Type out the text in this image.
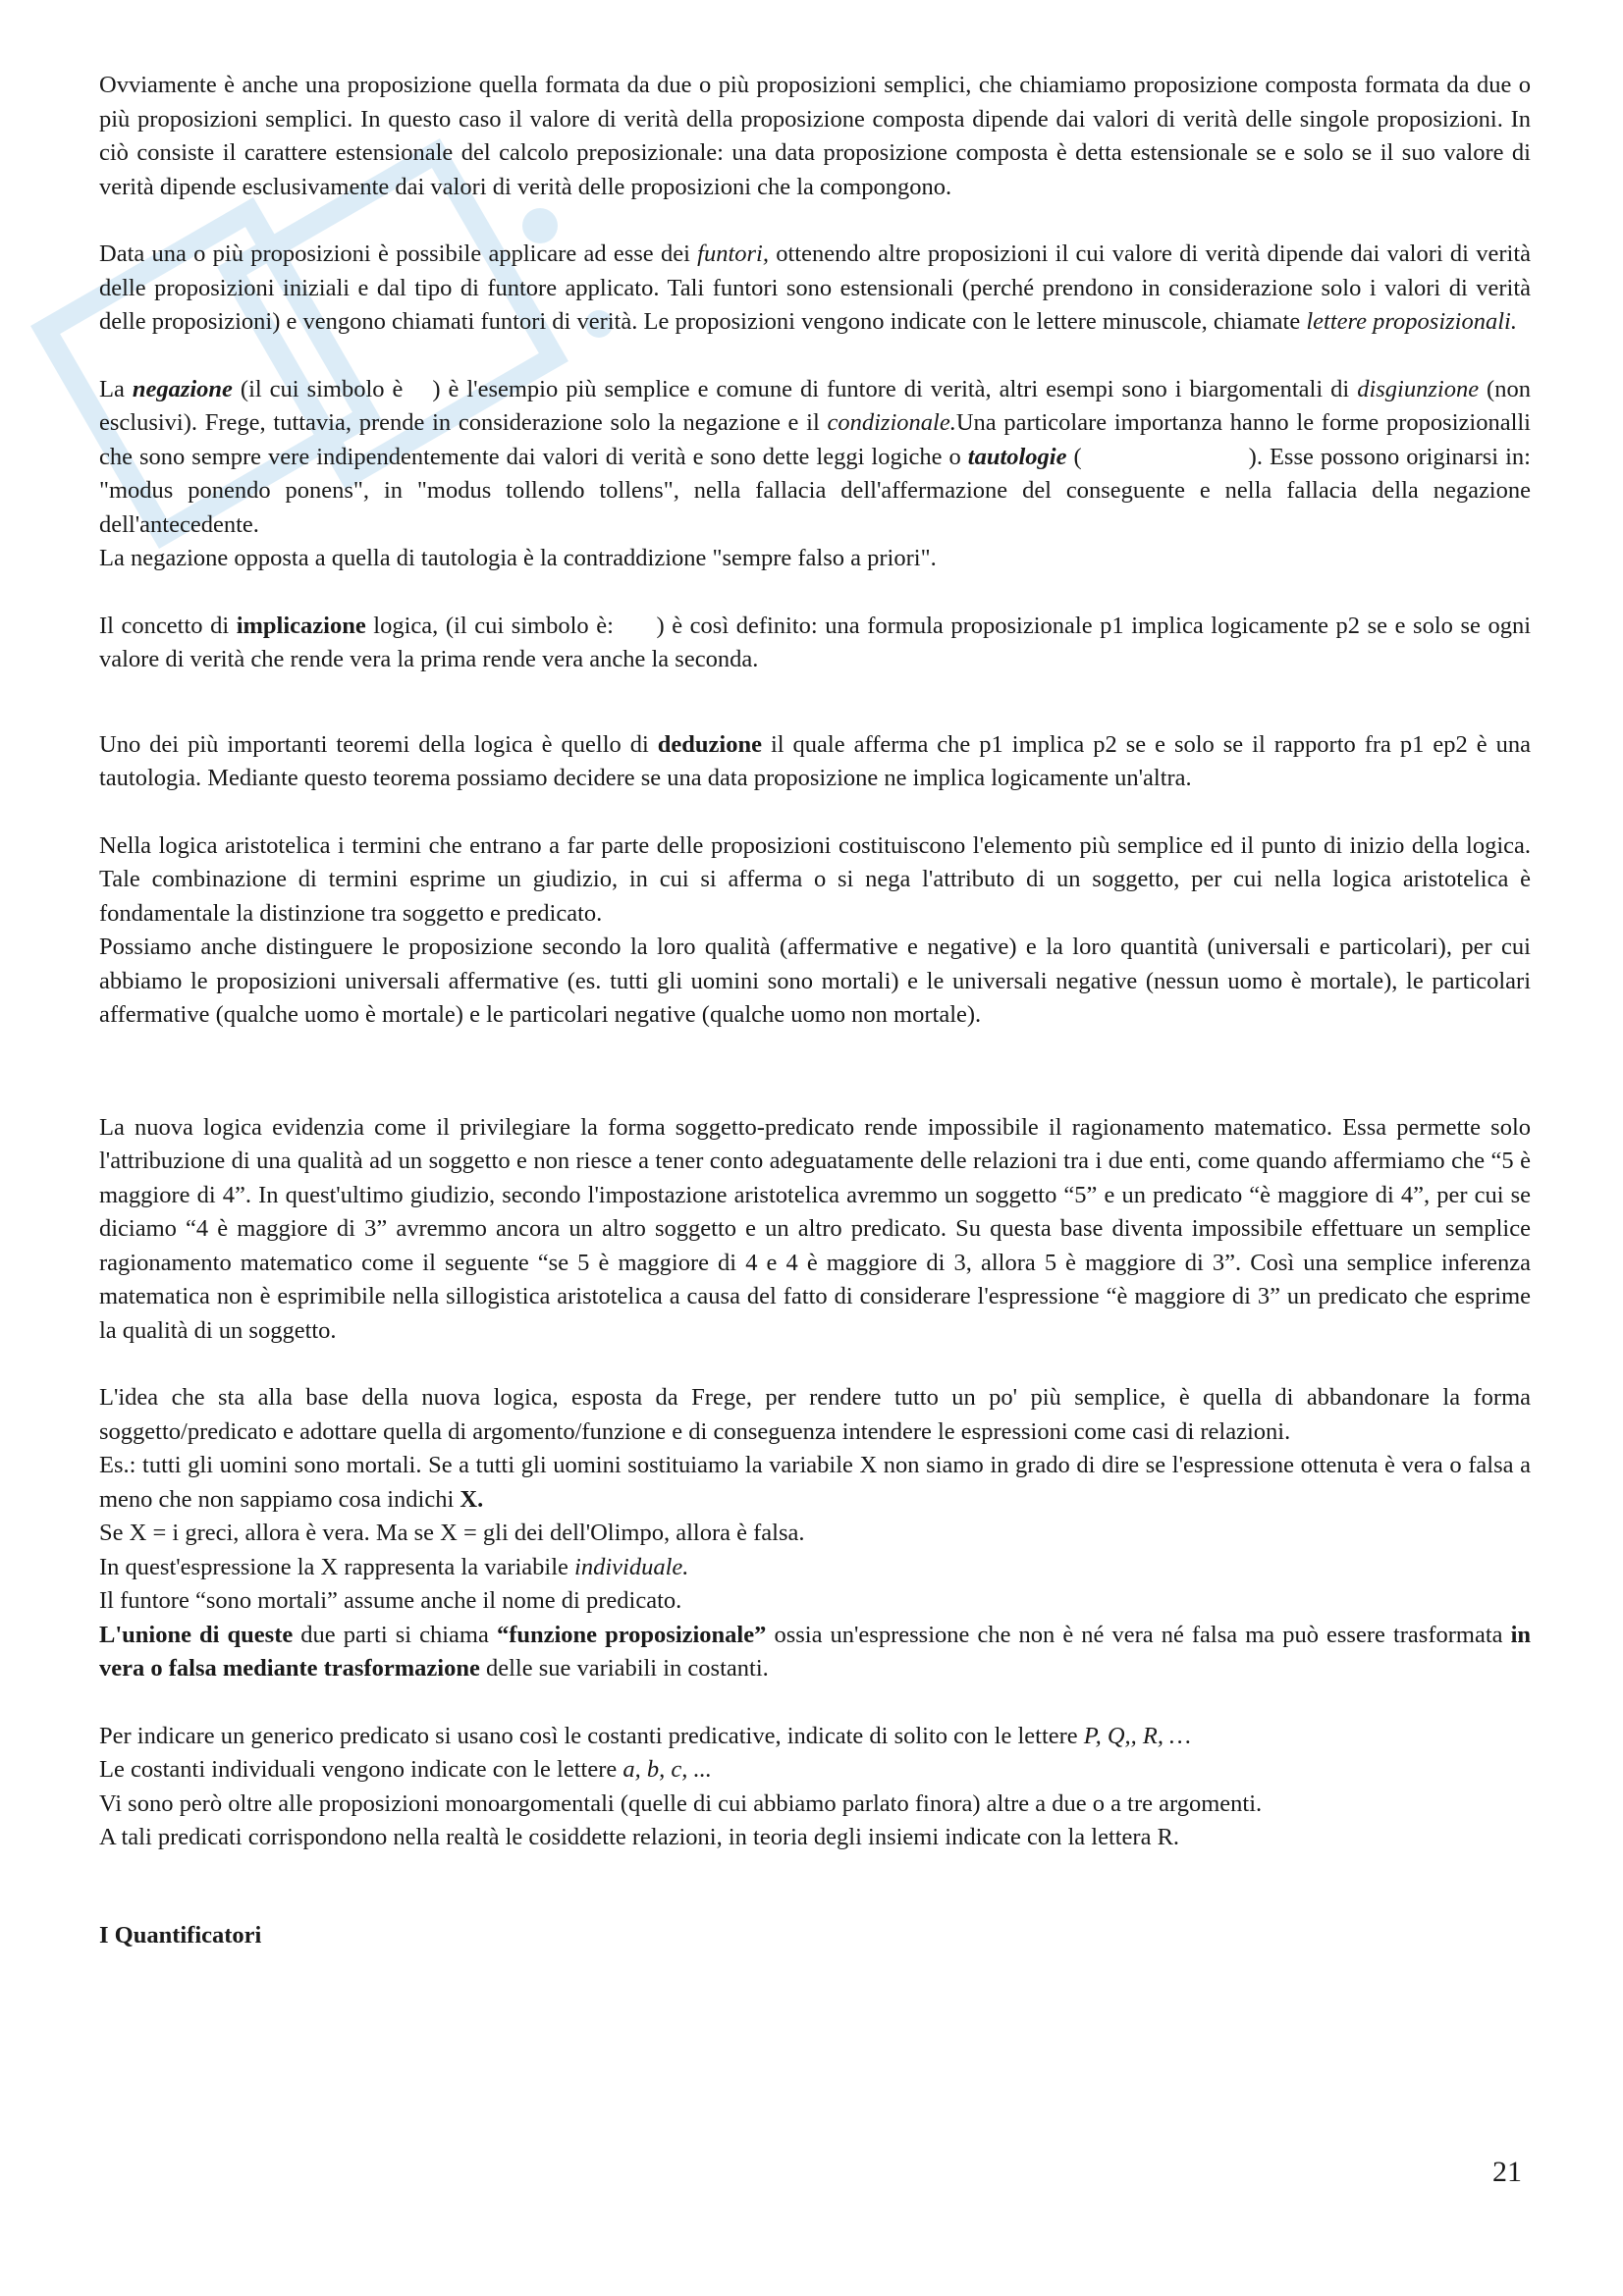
Ovviamente è anche una proposizione quella formata da due o più proposizioni semplici, che chiamiamo proposizione composta formata da due o più proposizioni semplici. In questo caso il valore di verità della proposizione composta dipende dai valori di verità delle singole proposizioni. In ciò consiste il carattere estensionale del calcolo preposizionale: una data proposizione composta è detta estensionale se e solo se il suo valore di verità dipende esclusivamente dai valori di verità delle proposizioni che la compongono.

Data una o più proposizioni è possibile applicare ad esse dei funtori, ottenendo altre proposizioni il cui valore di verità dipende dai valori di verità delle proposizioni iniziali e dal tipo di funtore applicato. Tali funtori sono estensionali (perché prendono in considerazione solo i valori di verità delle proposizioni) e vengono chiamati funtori di verità. Le proposizioni vengono indicate con le lettere minuscole, chiamate lettere proposizionali.

La negazione (il cui simbolo è ) è l'esempio più semplice e comune di funtore di verità, altri esempi sono i biargomentali di disgiunzione (non esclusivi). Frege, tuttavia, prende in considerazione solo la negazione e il condizionale.Una particolare importanza hanno le forme proposizionalli che sono sempre vere indipendentemente dai valori di verità e sono dette leggi logiche o tautologie (	). Esse possono originarsi in: "modus ponendo ponens", in "modus tollendo tollens", nella fallacia dell'affermazione del conseguente e nella fallacia della negazione dell'antecedente.
La negazione opposta a quella di tautologia è la contraddizione "sempre falso a priori".

Il concetto di implicazione logica, (il cui simbolo è: ) è così definito: una formula proposizionale p1 implica logicamente p2 se e solo se ogni valore di verità che rende vera la prima rende vera anche la seconda.

Uno dei più importanti teoremi della logica è quello di deduzione il quale afferma che p1 implica p2 se e solo se il rapporto fra p1 ep2 è una tautologia. Mediante questo teorema possiamo decidere se una data proposizione ne implica logicamente un'altra.

Nella logica aristotelica i termini che entrano a far parte delle proposizioni costituiscono l'elemento più semplice ed il punto di inizio della logica. Tale combinazione di termini esprime un giudizio, in cui si afferma o si nega l'attributo di un soggetto, per cui nella logica aristotelica è fondamentale la distinzione tra soggetto e predicato.
Possiamo anche distinguere le proposizione secondo la loro qualità (affermative e negative) e la loro quantità (universali e particolari), per cui abbiamo le proposizioni universali affermative (es. tutti gli uomini sono mortali) e le universali negative (nessun uomo è mortale), le particolari affermative (qualche uomo è mortale) e le particolari negative (qualche uomo non mortale).

La nuova logica evidenzia come il privilegiare la forma soggetto-predicato rende impossibile il ragionamento matematico. Essa permette solo l'attribuzione di una qualità ad un soggetto e non riesce a tener conto adeguatamente delle relazioni tra i due enti, come quando affermiamo che “5 è maggiore di 4”. In quest'ultimo giudizio, secondo l'impostazione aristotelica avremmo un soggetto “5” e un predicato “è maggiore di 4”, per cui se diciamo “4 è maggiore di 3” avremmo ancora un altro soggetto e un altro predicato. Su questa base diventa impossibile effettuare un semplice ragionamento matematico come il seguente “se 5 è maggiore di 4 e 4 è maggiore di 3, allora 5 è maggiore di 3”. Così una semplice inferenza matematica non è esprimibile nella sillogistica aristotelica a causa del fatto di considerare l'espressione “è maggiore di 3” un predicato che esprime la qualità di un soggetto.

L'idea che sta alla base della nuova logica, esposta da Frege, per rendere tutto un po' più semplice, è quella di abbandonare la forma soggetto/predicato e adottare quella di argomento/funzione e di conseguenza intendere le espressioni come casi di relazioni.
Es.: tutti gli uomini sono mortali. Se a tutti gli uomini sostituiamo la variabile X non siamo in grado di dire se l'espressione ottenuta è vera o falsa a meno che non sappiamo cosa indichi X.
Se X = i greci, allora è vera. Ma se X = gli dei dell'Olimpo, allora è falsa.
In quest'espressione la X rappresenta la variabile individuale.
Il funtore “sono mortali” assume anche il nome di predicato.
L'unione di queste due parti si chiama “funzione proposizionale” ossia un'espressione che non è né vera né falsa ma può essere trasformata in vera o falsa mediante trasformazione delle sue variabili in costanti.

Per indicare un generico predicato si usano così le costanti predicative, indicate di solito con le lettere P, Q,, R, …
Le costanti individuali vengono indicate con le lettere a, b, c, ...
Vi sono però oltre alle proposizioni monoargomentali (quelle di cui abbiamo parlato finora) altre a due o a tre argomenti.
A tali predicati corrispondono nella realtà le cosiddette relazioni, in teoria degli insiemi indicate con la lettera R.

I Quantificatori

21
